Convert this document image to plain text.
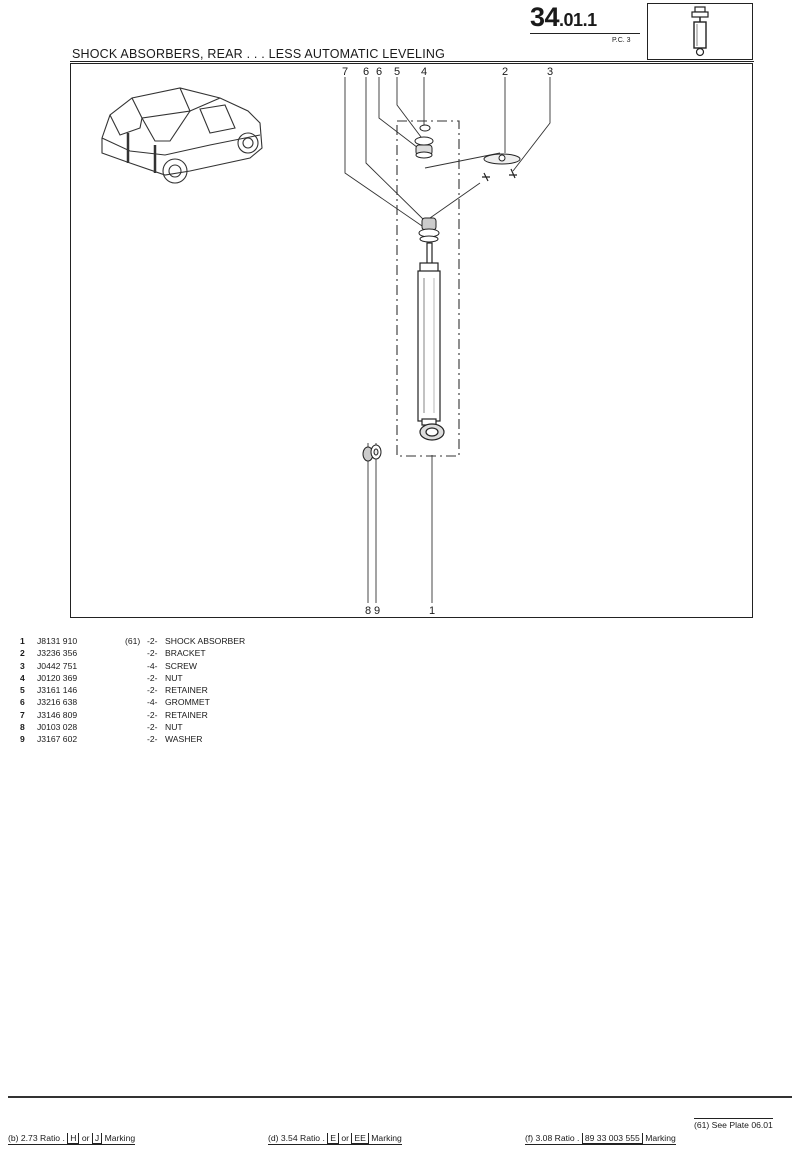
34.01.1
P.C. 3
SHOCK ABSORBERS, REAR . . . LESS AUTOMATIC LEVELING
7	6 6	5	4	2	3
8 9	1
1	J8131 910	(61) -2- SHOCK ABSORBER
2	J3236 356	-2- BRACKET
3	J0442 751	-4- SCREW
4	J0120 369	-2- NUT
5	J3161 146	-2- RETAINER
6	J3216 638	-4- GROMMET
7	J3146 809	-2- RETAINER
8	J0103 028	-2- NUT
9	J3167 602	-2- WASHER
(61) See Plate 06.01
(b) 2.73 Ratio . H or J Marking	(d) 3.54 Ratio . E or EE Marking	(f) 3.08 Ratio . 89 33 003 555 Marking
